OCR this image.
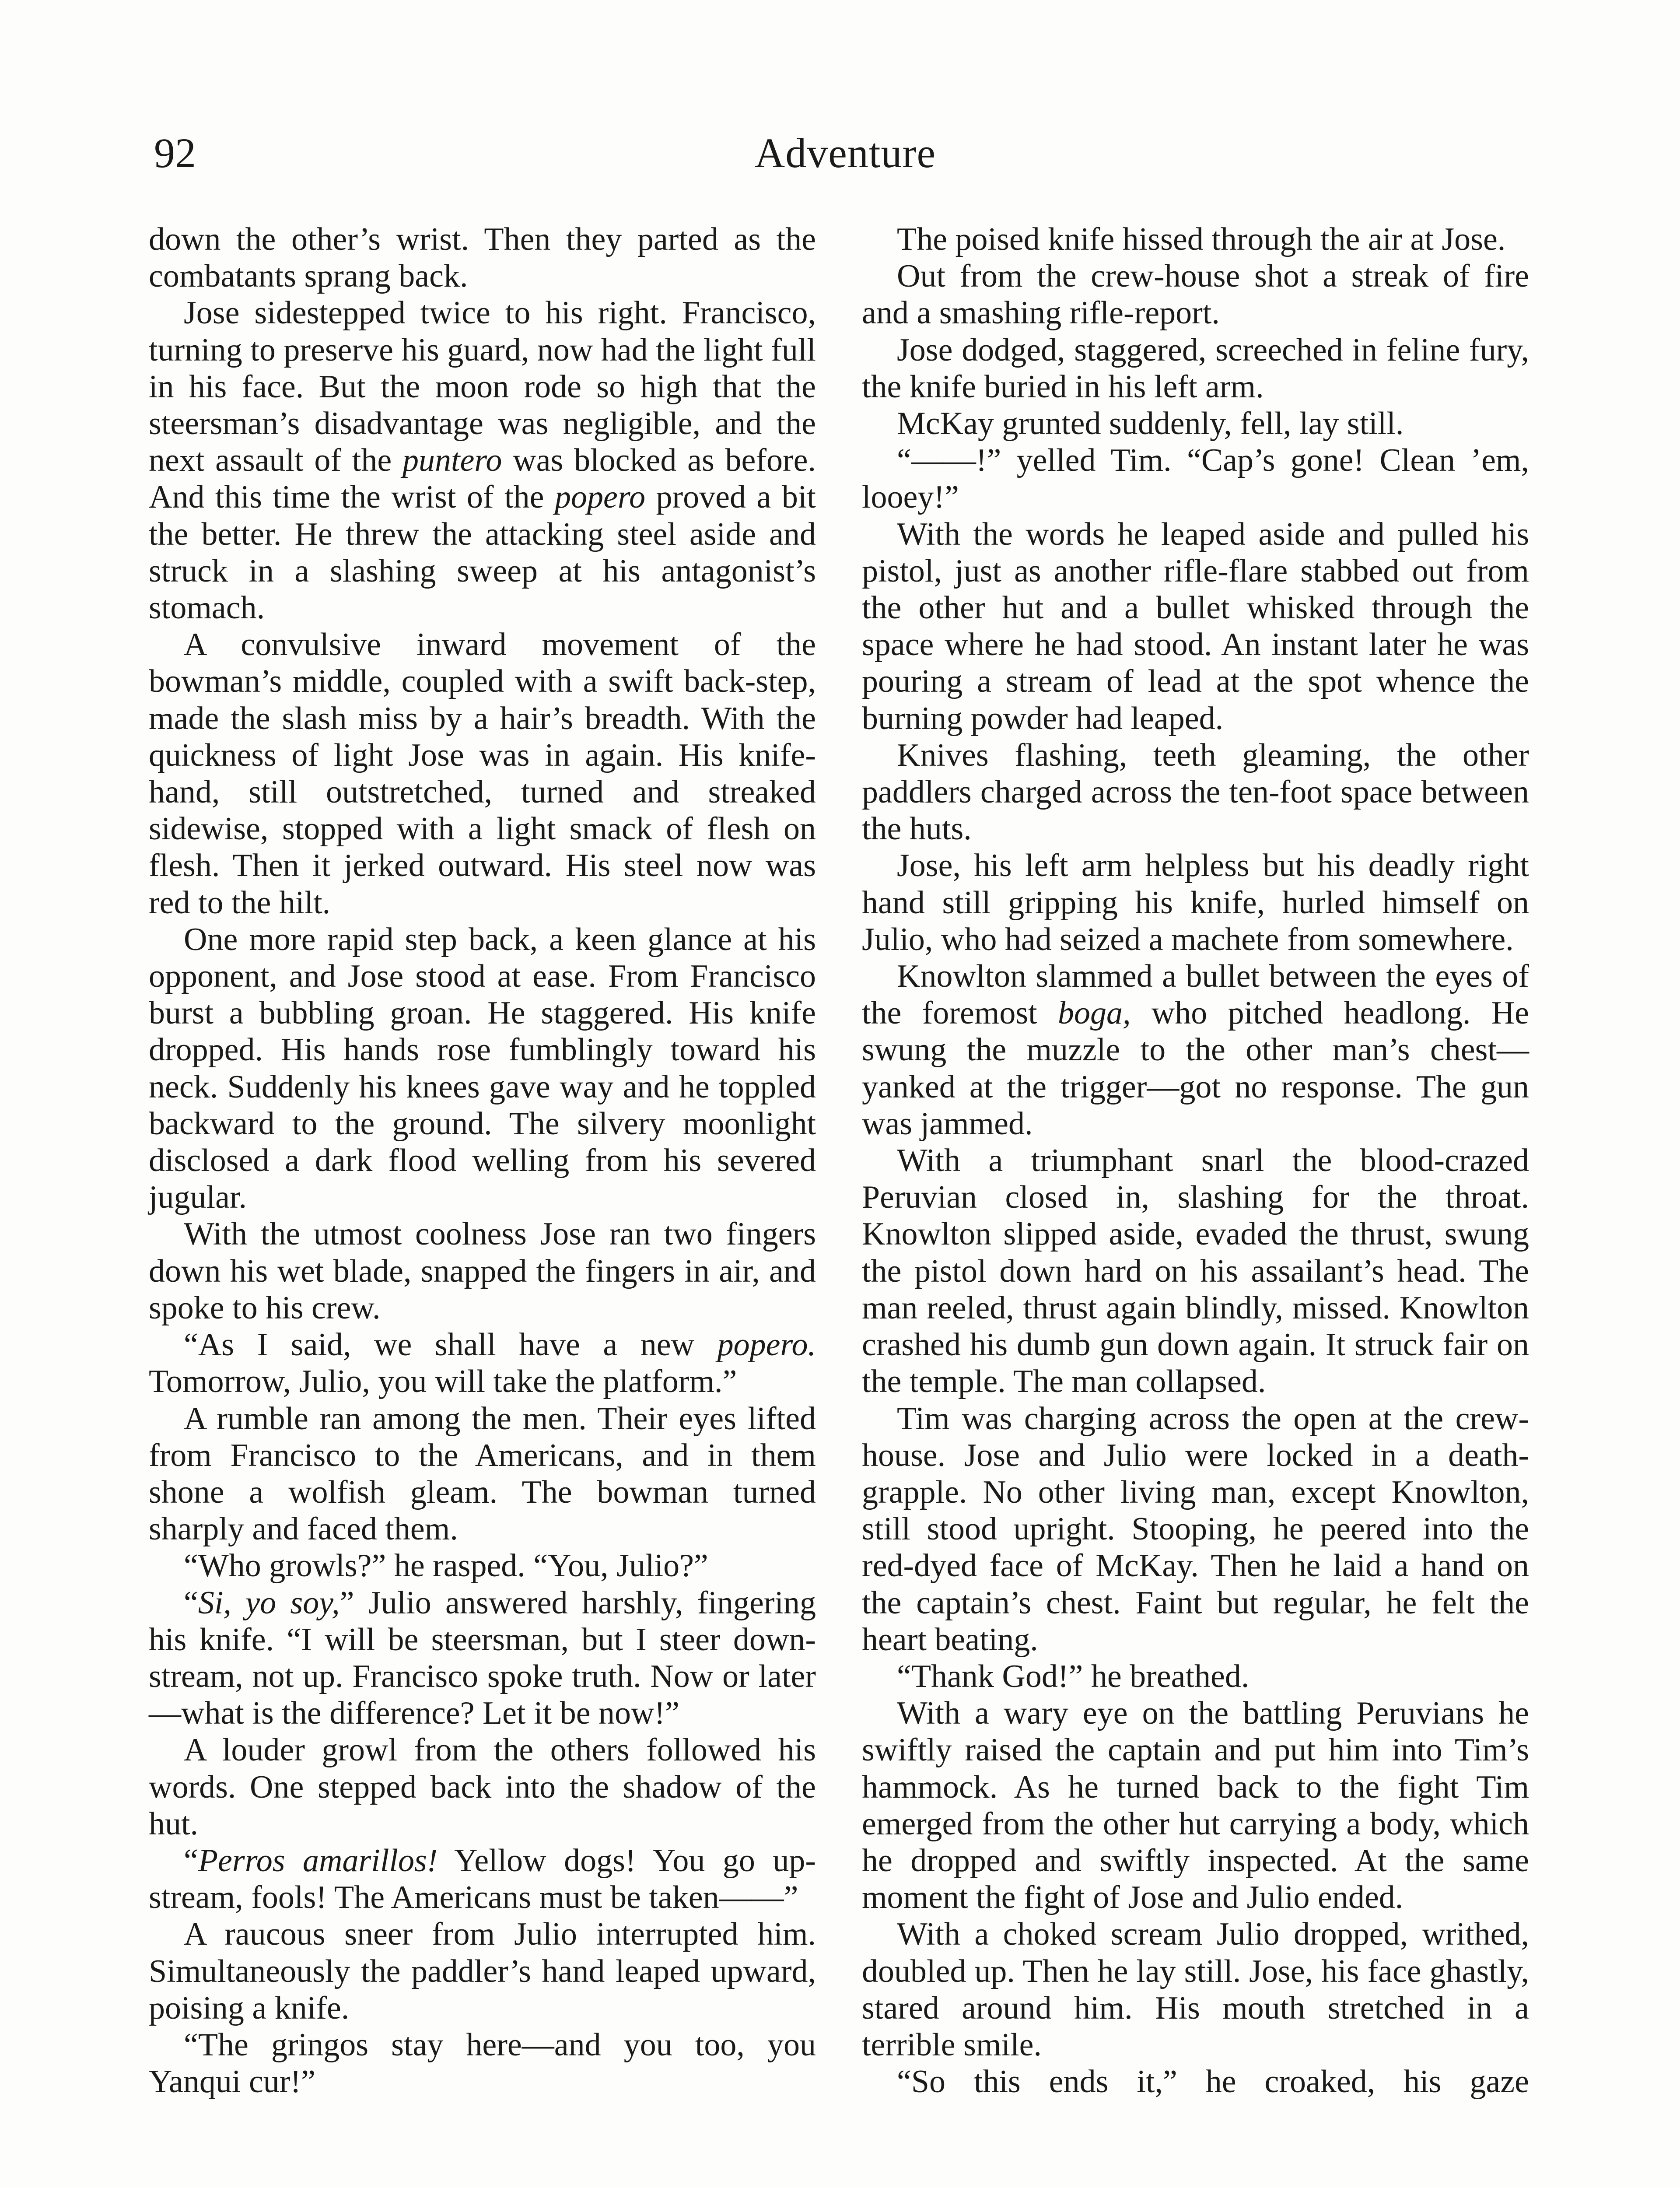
92	Adventure

down the other’s wrist. Then they parted as the combatants sprang back.

Jose sidestepped twice to his right. Francisco, turning to preserve his guard, now had the light full in his face. But the moon rode so high that the steersman’s disadvantage was negligible, and the next assault of the puntero was blocked as before. And this time the wrist of the popero proved a bit the better. He threw the attacking steel aside and struck in a slashing sweep at his antagonist’s stomach.

A convulsive inward movement of the bowman’s middle, coupled with a swift back-step, made the slash miss by a hair’s breadth. With the quickness of light Jose was in again. His knife-hand, still outstretched, turned and streaked sidewise, stopped with a light smack of flesh on flesh. Then it jerked outward. His steel now was red to the hilt.

One more rapid step back, a keen glance at his opponent, and Jose stood at ease. From Francisco burst a bubbling groan. He staggered. His knife dropped. His hands rose fumblingly toward his neck. Suddenly his knees gave way and he toppled backward to the ground. The silvery moonlight disclosed a dark flood welling from his severed jugular.

With the utmost coolness Jose ran two fingers down his wet blade, snapped the fingers in air, and spoke to his crew.

“As I said, we shall have a new popero. Tomorrow, Julio, you will take the platform.”

A rumble ran among the men. Their eyes lifted from Francisco to the Americans, and in them shone a wolfish gleam. The bowman turned sharply and faced them.

“Who growls?” he rasped. “You, Julio?”

“Si, yo soy,” Julio answered harshly, fingering his knife. “I will be steersman, but I steer down-stream, not up. Francisco spoke truth. Now or later—what is the difference? Let it be now!”

A louder growl from the others followed his words. One stepped back into the shadow of the hut.

“Perros amarillos! Yellow dogs! You go up-stream, fools! The Americans must be taken——”

A raucous sneer from Julio interrupted him. Simultaneously the paddler’s hand leaped upward, poising a knife.

“The gringos stay here—and you too, you Yanqui cur!”

The poised knife hissed through the air at Jose.

Out from the crew-house shot a streak of fire and a smashing rifle-report.

Jose dodged, staggered, screeched in feline fury, the knife buried in his left arm.

McKay grunted suddenly, fell, lay still.

“——!” yelled Tim. “Cap’s gone! Clean ’em, looey!”

With the words he leaped aside and pulled his pistol, just as another rifle-flare stabbed out from the other hut and a bullet whisked through the space where he had stood. An instant later he was pouring a stream of lead at the spot whence the burning powder had leaped.

Knives flashing, teeth gleaming, the other paddlers charged across the ten-foot space between the huts.

Jose, his left arm helpless but his deadly right hand still gripping his knife, hurled himself on Julio, who had seized a machete from somewhere.

Knowlton slammed a bullet between the eyes of the foremost boga, who pitched headlong. He swung the muzzle to the other man’s chest—yanked at the trigger—got no response. The gun was jammed.

With a triumphant snarl the blood-crazed Peruvian closed in, slashing for the throat. Knowlton slipped aside, evaded the thrust, swung the pistol down hard on his assailant’s head. The man reeled, thrust again blindly, missed. Knowlton crashed his dumb gun down again. It struck fair on the temple. The man collapsed.

Tim was charging across the open at the crew-house. Jose and Julio were locked in a death-grapple. No other living man, except Knowlton, still stood upright. Stooping, he peered into the red-dyed face of McKay. Then he laid a hand on the captain’s chest. Faint but regular, he felt the heart beating.

“Thank God!” he breathed.

With a wary eye on the battling Peruvians he swiftly raised the captain and put him into Tim’s hammock. As he turned back to the fight Tim emerged from the other hut carrying a body, which he dropped and swiftly inspected. At the same moment the fight of Jose and Julio ended.

With a choked scream Julio dropped, writhed, doubled up. Then he lay still. Jose, his face ghastly, stared around him. His mouth stretched in a terrible smile.

“So this ends it,” he croaked, his gaze
